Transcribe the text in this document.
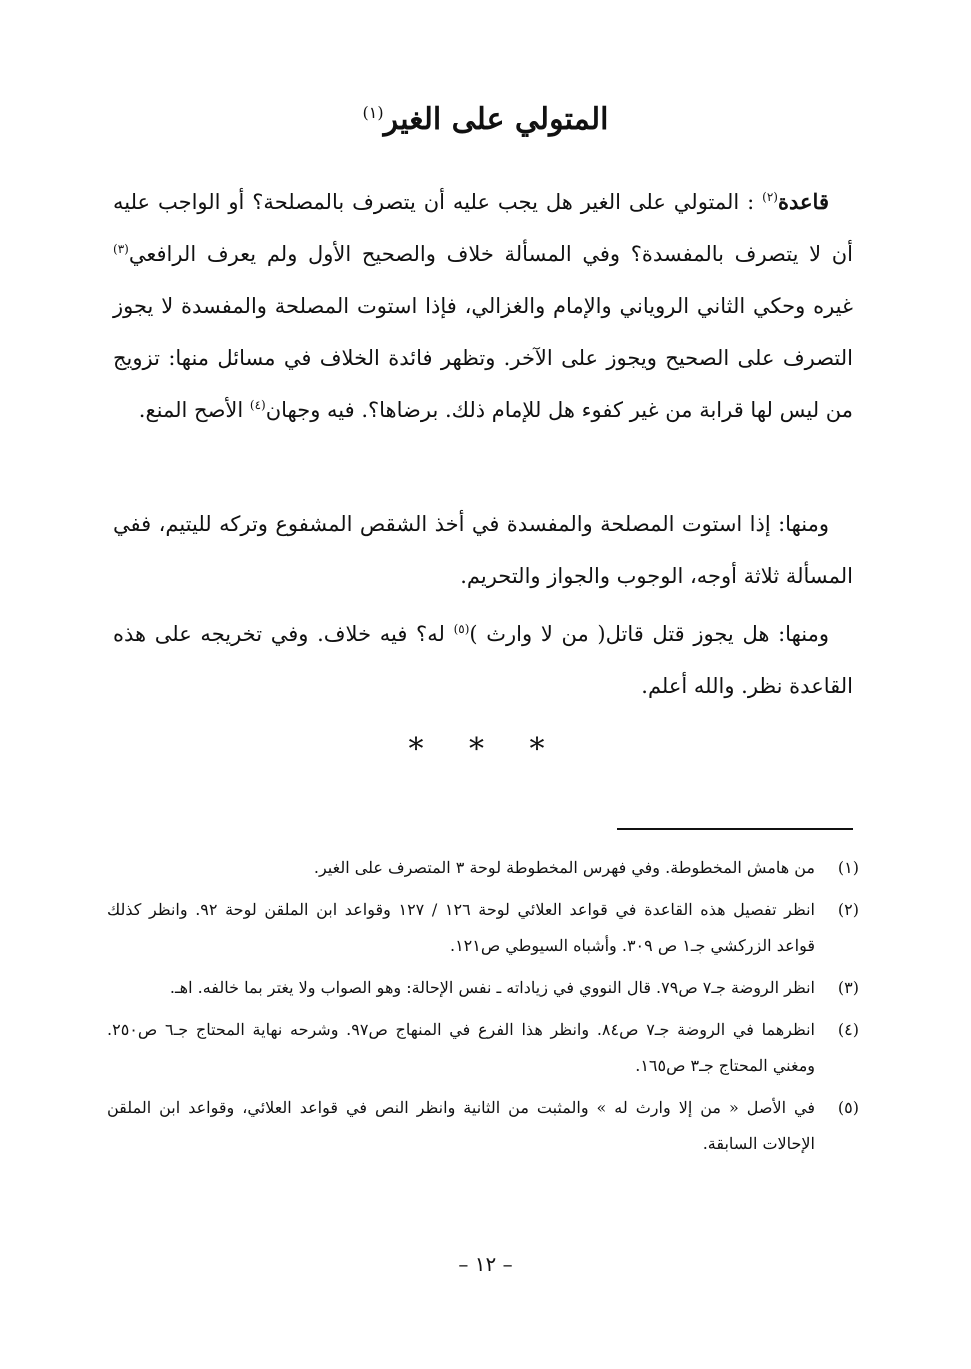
المتولي على الغير$^{(١)}$

قاعدة$^{(٢)}$ : المتولي على الغير هل يجب عليه أن يتصرف بالمصلحة؟ أو الواجب عليه أن لا يتصرف بالمفسدة؟ وفي المسألة خلاف والصحيح الأول ولم يعرف الرافعي$^{(٣)}$ غيره وحكي الثاني الروياني والإمام والغزالي، فإذا استوت المصلحة والمفسدة لا يجوز التصرف على الصحيح ويجوز على الآخر. وتظهر فائدة الخلاف في مسائل منها: تزويج من ليس لها قرابة من غير كفوء هل للإمام ذلك. برضاها؟. فيه وجهان$^{(٤)}$ الأصح المنع.

ومنها: إذا استوت المصلحة والمفسدة في أخذ الشقص المشفوع وتركه لليتيم، ففي المسألة ثلاثة أوجه، الوجوب والجواز والتحريم.

ومنها: هل يجوز قتل قاتل( من لا وارث )$^{(٥)}$ له؟ فيه خلاف. وفي تخريجه على هذه القاعدة نظر. والله أعلم.

* * *

(١)من هامش المخطوطة. وفي فهرس المخطوطة لوحة ٣ المتصرف على الغير.

(٢)انظر تفصيل هذه القاعدة في قواعد العلائي لوحة ١٢٦ / ١٢٧ وقواعد ابن الملقن لوحة ٩٢. وانظر كذلك قواعد الزركشي جـ١ ص ٣٠٩. وأشباه السيوطي ص١٢١.

(٣)انظر الروضة جـ٧ ص٧٩. قال النووي في زياداته ـ نفس الإحالة: وهو الصواب ولا يغتر بما خالفه. اهـ.

(٤)انظرهما في الروضة جـ٧ ص٨٤. وانظر هذا الفرع في المنهاج ص٩٧. وشرحه نهاية المحتاج جـ٦ ص٢٥٠. ومغني المحتاج جـ٣ ص١٦٥.

(٥)في الأصل « من إلا وارث له » والمثبت من الثانية وانظر النص في قواعد العلائي، وقواعد ابن الملقن الإحالات السابقة.

– ١٢ –
